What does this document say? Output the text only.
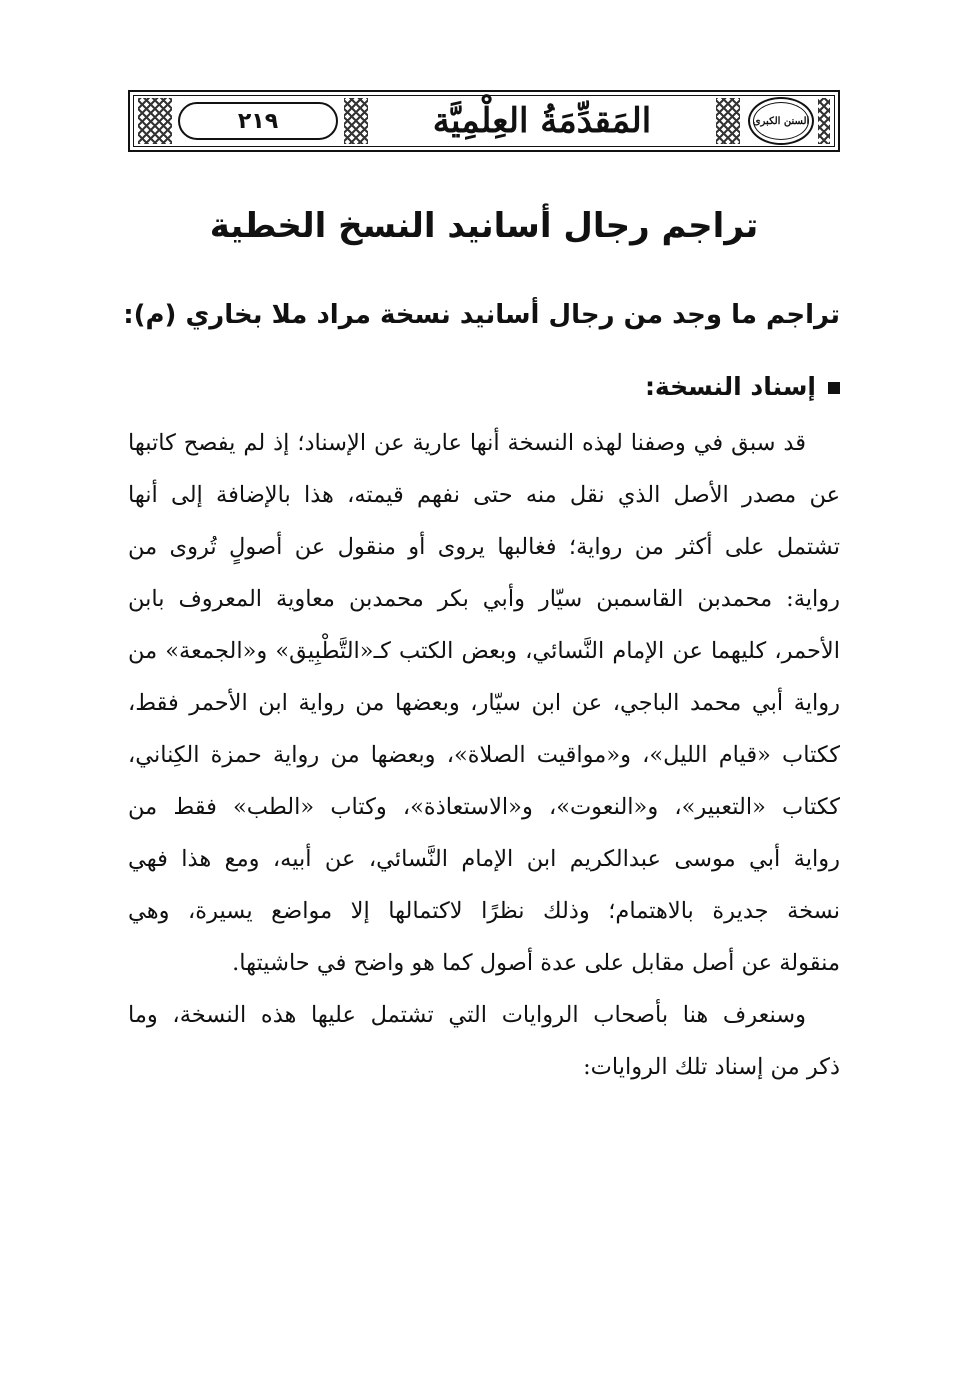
٢١٩	المَقدِّمَةُ العِلْمِيَّة	السنن الكبرى
تراجم رجال أسانيد النسخ الخطية
تراجم ما وجد من رجال أسانيد نسخة مراد ملا بخاري (م):
إسناد النسخة:
قد سبق في وصفنا لهذه النسخة أنها عارية عن الإسناد؛ إذ لم يفصح كاتبها
عن مصدر الأصل الذي نقل منه حتى نفهم قيمته، هذا بالإضافة إلى أنها
تشتمل على أكثر من رواية؛ فغالبها يروى أو منقول عن أصولٍ تُروى من
رواية: محمدبن القاسمبن سيّار وأبي بكر محمدبن معاوية المعروف بابن
الأحمر، كليهما عن الإمام النَّسائي، وبعض الكتب كـ«التَّطْبِيق» و«الجمعة» من
رواية أبي محمد الباجي، عن ابن سيّار، وبعضها من رواية ابن الأحمر فقط،
ككتاب «قيام الليل»، و«مواقيت الصلاة»، وبعضها من رواية حمزة الكِناني،
ككتاب «التعبير»، و«النعوت»، و«الاستعاذة»، وكتاب «الطب» فقط من
رواية أبي موسى عبدالكريم ابن الإمام النَّسائي، عن أبيه، ومع هذا فهي
نسخة جديرة بالاهتمام؛ وذلك نظرًا لاكتمالها إلا مواضع يسيرة، وهي
منقولة عن أصل مقابل على عدة أصول كما هو واضح في حاشيتها.
وسنعرف هنا بأصحاب الروايات التي تشتمل عليها هذه النسخة، وما
ذكر من إسناد تلك الروايات:
